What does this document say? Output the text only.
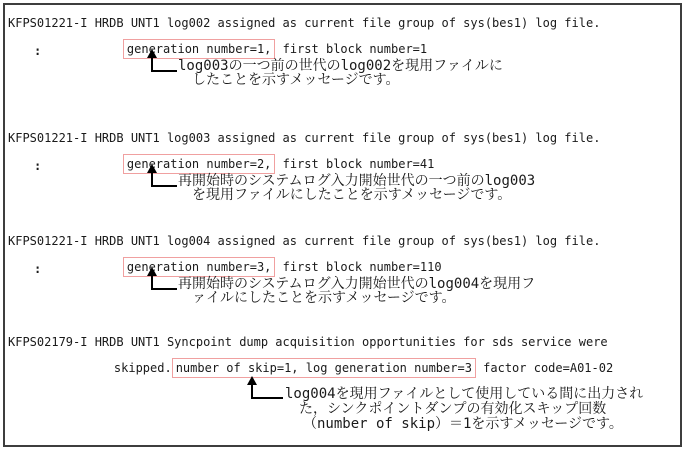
KFPS01221-I HRDB UNT1 log002 assigned as current file group of sys(bes1) log file.

generation number=1, first block number=1

:
log003の一つ前の世代のlog002を現用ファイルに
したことを示すメッセージです。
KFPS01221-I HRDB UNT1 log003 assigned as current file group of sys(bes1) log file.

generation number=2, first block number=41

:
再開始時のシステムログ入力開始世代の一つ前のlog003
を現用ファイルにしたことを示すメッセージです。
KFPS01221-I HRDB UNT1 log004 assigned as current file group of sys(bes1) log file.

generation number=3, first block number=110

:
再開始時のシステムログ入力開始世代のlog004を現用フ
ァイルにしたことを示すメッセージです。
KFPS02179-I HRDB UNT1 Syncpoint dump acquisition opportunities for sds service were

skipped. number of skip=1, log generation number=3 factor code=A01-02

log004を現用ファイルとして使用している間に出力され
た，シンクポイントダンプの有効化スキップ回数
（number of skip）＝1を示すメッセージです。
